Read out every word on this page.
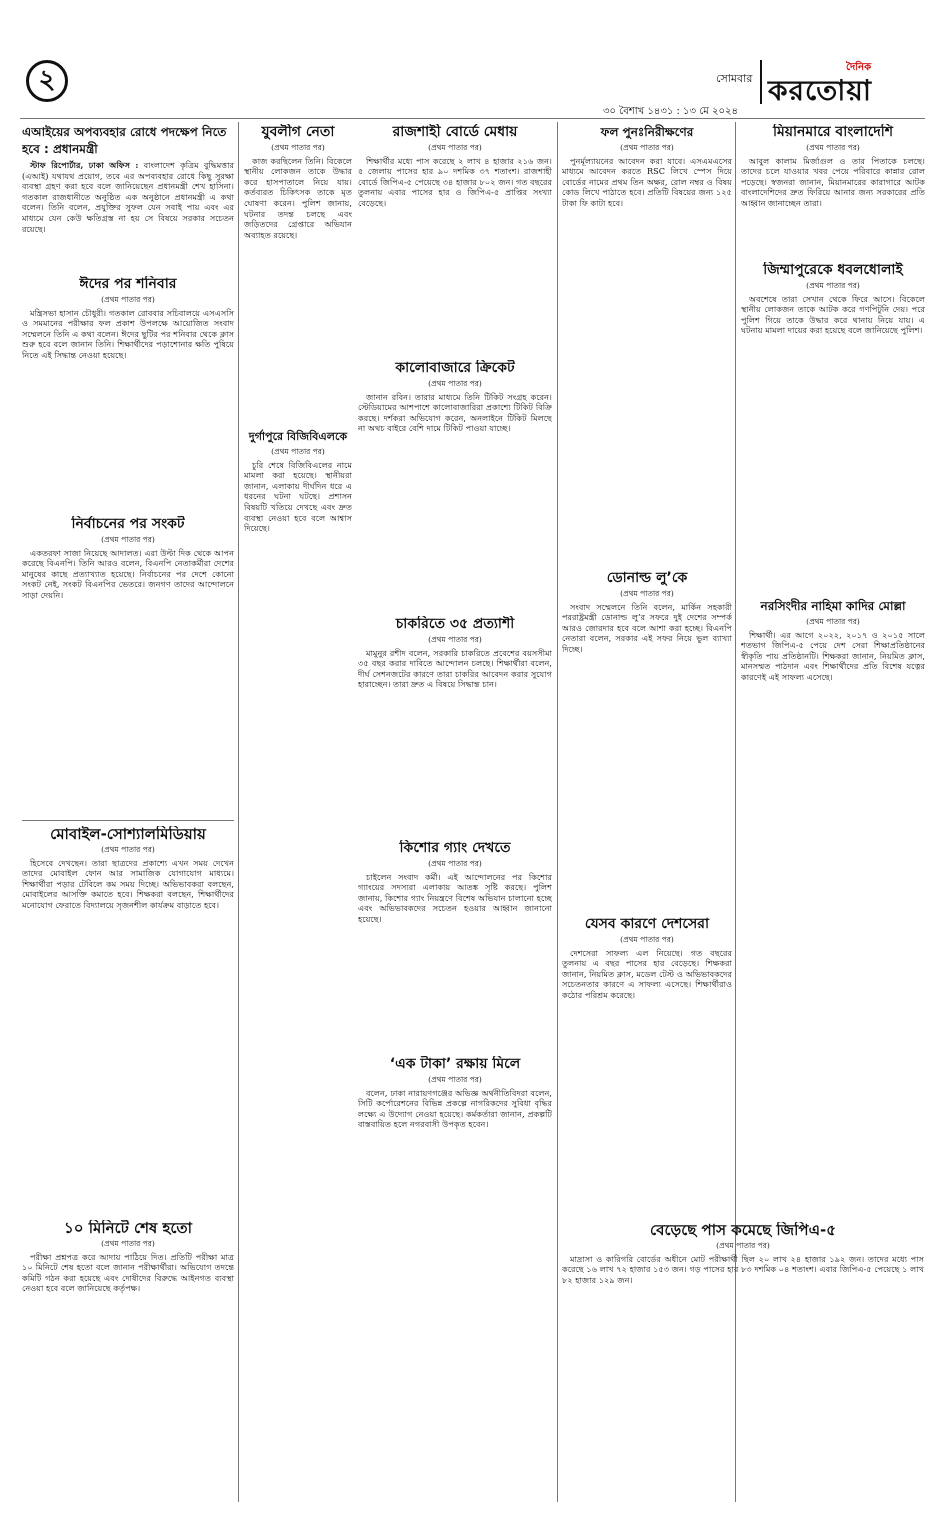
২	সোমবার
৩০ বৈশাখ ১৪৩১ : ১৩ মে ২০২৪
দৈনিক
করতোয়া
এআইয়ের অপব্যবহার রোধে পদক্ষেপ নিতে হবে : প্রধানমন্ত্রী

স্টাফ রিপোর্টার, ঢাকা অফিস : বাংলাদেশ কৃত্রিম বুদ্ধিমত্তার (এআই) যথাযথ প্রয়োগ, তবে এর অপব্যবহার রোধে কিছু সুরক্ষা ব্যবস্থা গ্রহণ করা হবে বলে জানিয়েছেন প্রধানমন্ত্রী শেখ হাসিনা। গতকাল রাজধানীতে অনুষ্ঠিত এক অনুষ্ঠানে প্রধানমন্ত্রী এ কথা বলেন। তিনি বলেন, প্রযুক্তির সুফল যেন সবাই পায় এবং এর মাধ্যমে যেন কেউ ক্ষতিগ্রস্ত না হয় সে বিষয়ে সরকার সচেতন রয়েছে।

ঈদের পর শনিবার
(প্রথম পাতার পর)

মন্ত্রিসভা হাসান চৌধুরী। গতকাল রোববার সচিবালয়ে এসএসসি ও সমমানের পরীক্ষার ফল প্রকাশ উপলক্ষে আয়োজিত সংবাদ সম্মেলনে তিনি এ কথা বলেন। ঈদের ছুটির পর শনিবার থেকে ক্লাস শুরু হবে বলে জানান তিনি। শিক্ষার্থীদের পড়াশোনার ক্ষতি পুষিয়ে নিতে এই সিদ্ধান্ত নেওয়া হয়েছে।

নির্বাচনের পর সংকট
(প্রথম পাতার পর)

একতরফা সাজা নিয়েছে আদালত। এরা উল্টা দিক থেকে আপন করেছে বিএনপি। তিনি আরও বলেন, বিএনপি নেতাকর্মীরা দেশের মানুষের কাছে প্রত্যাখ্যাত হয়েছে। নির্বাচনের পর দেশে কোনো সংকট নেই, সংকট বিএনপির ভেতরে। জনগণ তাদের আন্দোলনে সাড়া দেয়নি।

মোবাইল-সোশ্যালমিডিয়ায়
(প্রথম পাতার পর)

হিসেবে দেখছেন। তারা ছাত্রদের প্রকাশ্যে এখন সময় দেখেন তাদের মোবাইল ফোন আর সামাজিক যোগাযোগ মাধ্যমে। শিক্ষার্থীরা পড়ার টেবিলে কম সময় দিচ্ছে। অভিভাবকরা বলছেন, মোবাইলের আসক্তি কমাতে হবে। শিক্ষকরা বলছেন, শিক্ষার্থীদের মনোযোগ ফেরাতে বিদ্যালয়ে সৃজনশীল কার্যক্রম বাড়াতে হবে।

১০ মিনিটে শেষ হতো
(প্রথম পাতার পর)

পরীক্ষা প্রশ্নপত্র করে আদায় পাঠিয়ে দিত। প্রতিটি পরীক্ষা মাত্র ১০ মিনিটে শেষ হতো বলে জানান পরীক্ষার্থীরা। অভিযোগ তদন্তে কমিটি গঠন করা হয়েছে এবং দোষীদের বিরুদ্ধে আইনগত ব্যবস্থা নেওয়া হবে বলে জানিয়েছে কর্তৃপক্ষ।

যুবলীগ নেতা
(প্রথম পাতার পর)

কাজ করছিলেন তিনি। বিকেলে স্থানীয় লোকজন তাকে উদ্ধার করে হাসপাতালে নিয়ে যায়। কর্তব্যরত চিকিৎসক তাকে মৃত ঘোষণা করেন। পুলিশ জানায়, ঘটনার তদন্ত চলছে এবং জড়িতদের গ্রেপ্তারে অভিযান অব্যাহত রয়েছে।

দুর্গাপুরে বিজিবিএলকে
(প্রথম পাতার পর)

চুরি শেষে বিজিবিএলের নামে মামলা করা হয়েছে। স্থানীয়রা জানান, এলাকায় দীর্ঘদিন ধরে এ ধরনের ঘটনা ঘটছে। প্রশাসন বিষয়টি খতিয়ে দেখছে এবং দ্রুত ব্যবস্থা নেওয়া হবে বলে আশ্বাস দিয়েছে।

রাজশাহী বোর্ডে মেধায়
(প্রথম পাতার পর)

শিক্ষার্থীর মধ্যে পাস করেছে ২ লাখ ৪ হাজার ২১৬ জন। ৫ জেলায় পাসের হার ৯০ দশমিক ৩৭ শতাংশ। রাজশাহী বোর্ডে জিপিএ-৫ পেয়েছে ৩৪ হাজার ৮০২ জন। গত বছরের তুলনায় এবার পাসের হার ও জিপিএ-৫ প্রাপ্তির সংখ্যা বেড়েছে।

কালোবাজারে ক্রিকেট
(প্রথম পাতার পর)

জানান রবিন। তারার মাধ্যমে তিনি টিকিট সংগ্রহ করেন। স্টেডিয়ামের আশপাশে কালোবাজারিরা প্রকাশ্যে টিকিট বিক্রি করছে। দর্শকরা অভিযোগ করেন, অনলাইনে টিকিট মিলছে না অথচ বাইরে বেশি দামে টিকিট পাওয়া যাচ্ছে।

চাকরিতে ৩৫ প্রত্যাশী
(প্রথম পাতার পর)

মামুনুর রশীদ বলেন, সরকারি চাকরিতে প্রবেশের বয়সসীমা ৩৫ বছর করার দাবিতে আন্দোলন চলছে। শিক্ষার্থীরা বলেন, দীর্ঘ সেশনজটের কারণে তারা চাকরির আবেদন করার সুযোগ হারাচ্ছেন। তারা দ্রুত এ বিষয়ে সিদ্ধান্ত চান।

কিশোর গ্যাং দেখতে
(প্রথম পাতার পর)

চাইলেন সংবাদ কর্মী। এই আন্দোলনের পর কিশোর গ্যাংয়ের সদস্যরা এলাকায় আতঙ্ক সৃষ্টি করছে। পুলিশ জানায়, কিশোর গ্যাং নিয়ন্ত্রণে বিশেষ অভিযান চালানো হচ্ছে এবং অভিভাবকদের সচেতন হওয়ার আহ্বান জানানো হয়েছে।

‘এক টাকা’ রক্ষায় মিলে
(প্রথম পাতার পর)

বলেন, ঢাকা নারায়ণগঞ্জের অভিজ্ঞ অর্থনীতিবিদরা বলেন, সিটি কর্পোরেশনের বিভিন্ন প্রকল্পে নাগরিকদের সুবিধা বৃদ্ধির লক্ষ্যে এ উদ্যোগ নেওয়া হয়েছে। কর্মকর্তারা জানান, প্রকল্পটি বাস্তবায়িত হলে নগরবাসী উপকৃত হবেন।

ফল পুনঃনিরীক্ষণের
(প্রথম পাতার পর)

পুনর্মূল্যায়নের আবেদন করা যাবে। এসএমএসের মাধ্যমে আবেদন করতে RSC লিখে স্পেস দিয়ে বোর্ডের নামের প্রথম তিন অক্ষর, রোল নম্বর ও বিষয় কোড লিখে পাঠাতে হবে। প্রতিটি বিষয়ের জন্য ১২৫ টাকা ফি কাটা হবে।

ডোনাল্ড লু’কে
(প্রথম পাতার পর)

সংবাদ সম্মেলনে তিনি বলেন, মার্কিন সহকারী পররাষ্ট্রমন্ত্রী ডোনাল্ড লু’র সফরে দুই দেশের সম্পর্ক আরও জোরদার হবে বলে আশা করা হচ্ছে। বিএনপি নেতারা বলেন, সরকার এই সফর নিয়ে ভুল ব্যাখ্যা দিচ্ছে।

যেসব কারণে দেশসেরা
(প্রথম পাতার পর)

দেশসেরা সাফল্য এল নিয়েছে। গত বছরের তুলনায় এ বছর পাসের হার বেড়েছে। শিক্ষকরা জানান, নিয়মিত ক্লাস, মডেল টেস্ট ও অভিভাবকদের সচেতনতার কারণে এ সাফল্য এসেছে। শিক্ষার্থীরাও কঠোর পরিশ্রম করেছে।

বেড়েছে পাস কমেছে জিপিএ-৫
(প্রথম পাতার পর)

মাদ্রাসা ও কারিগরি বোর্ডের অধীনে মোট পরীক্ষার্থী ছিল ২০ লাখ ২৪ হাজার ১৯২ জন। তাদের মধ্যে পাস করেছে ১৬ লাখ ৭২ হাজার ১৫৩ জন। গড় পাসের হার ৮৩ দশমিক ০৪ শতাংশ। এবার জিপিএ-৫ পেয়েছে ১ লাখ ৮২ হাজার ১২৯ জন।

মিয়ানমারে বাংলাদেশি
(প্রথম পাতার পর)

আবুল কালাম মির্জাগুল ও তার পিতাকে চলছে। তাদের চলে যাওয়ার খবর পেয়ে পরিবারে কান্নার রোল পড়েছে। স্বজনরা জানান, মিয়ানমারের কারাগারে আটক বাংলাদেশিদের দ্রুত ফিরিয়ে আনার জন্য সরকারের প্রতি আহ্বান জানাচ্ছেন তারা।

জিম্মাপুরেকে ধবলধোলাই
(প্রথম পাতার পর)

অবশেষে তারা সেখান থেকে ফিরে আসে। বিকেলে স্থানীয় লোকজন তাকে আটক করে গণপিটুনি দেয়। পরে পুলিশ গিয়ে তাকে উদ্ধার করে থানায় নিয়ে যায়। এ ঘটনায় মামলা দায়ের করা হয়েছে বলে জানিয়েছে পুলিশ।

নরসিংদীর নাহিমা কাদির মোল্লা
(প্রথম পাতার পর)

শিক্ষার্থী। এর আগে ২০২২, ২০১৭ ও ২০১৫ সালে শতভাগ জিপিএ-৫ পেয়ে দেশ সেরা শিক্ষাপ্রতিষ্ঠানের স্বীকৃতি পায় প্রতিষ্ঠানটি। শিক্ষকরা জানান, নিয়মিত ক্লাস, মানসম্মত পাঠদান এবং শিক্ষার্থীদের প্রতি বিশেষ যত্নের কারণেই এই সাফল্য এসেছে।
